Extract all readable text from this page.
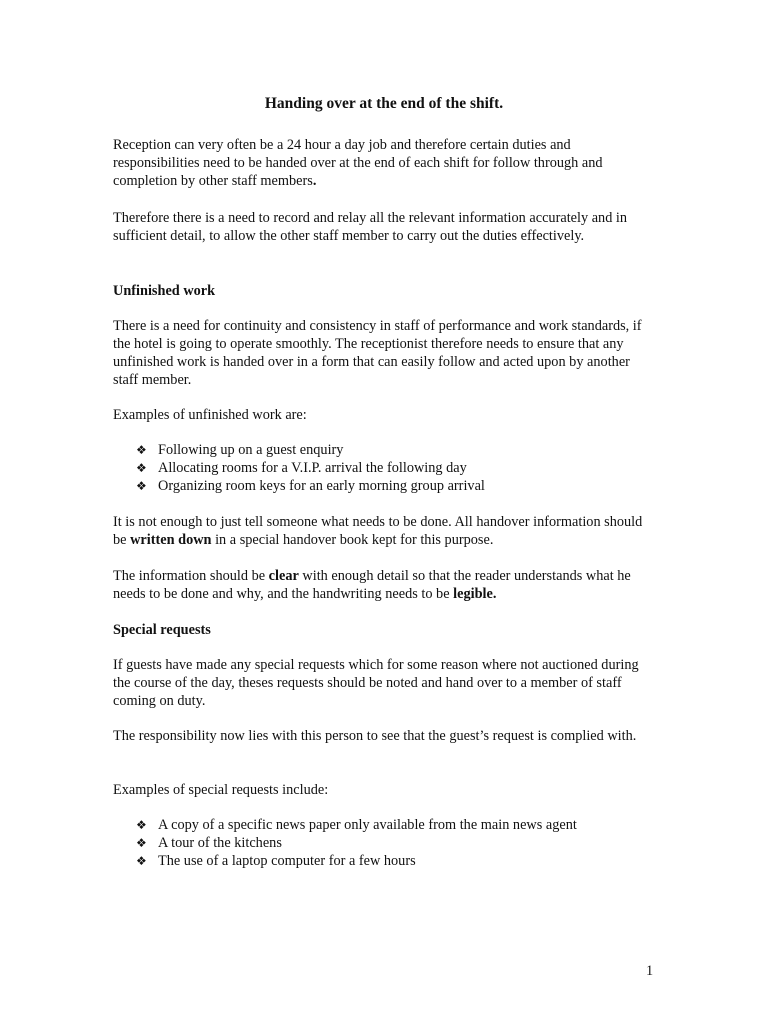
Handing over at the end of the shift.

Reception can very often be a 24 hour a day job and therefore certain duties and responsibilities need to be handed over at the end of each shift for follow through and completion by other staff members.

Therefore there is a need to record and relay all the relevant information accurately and in sufficient detail, to allow the other staff member to carry out the duties effectively.

Unfinished work

There is a need for continuity and consistency in staff of performance and work standards, if the hotel is going to operate smoothly. The receptionist therefore needs to ensure that any unfinished work is handed over in a form that can easily follow and acted upon by another staff member.

Examples of unfinished work are:

❖ Following up on a guest enquiry
❖ Allocating rooms for a V.I.P. arrival the following day
❖ Organizing room keys for an early morning group arrival

It is not enough to just tell someone what needs to be done. All handover information should be written down in a special handover book kept for this purpose.

The information should be clear with enough detail so that the reader understands what he needs to be done and why, and the handwriting needs to be legible.

Special requests

If guests have made any special requests which for some reason where not auctioned during the course of the day, theses requests should be noted and hand over to a member of staff coming on duty.

The responsibility now lies with this person to see that the guest’s request is complied with.

Examples of special requests include:

❖ A copy of a specific news paper only available from the main news agent
❖ A tour of the kitchens
❖ The use of a laptop computer for a few hours
1
